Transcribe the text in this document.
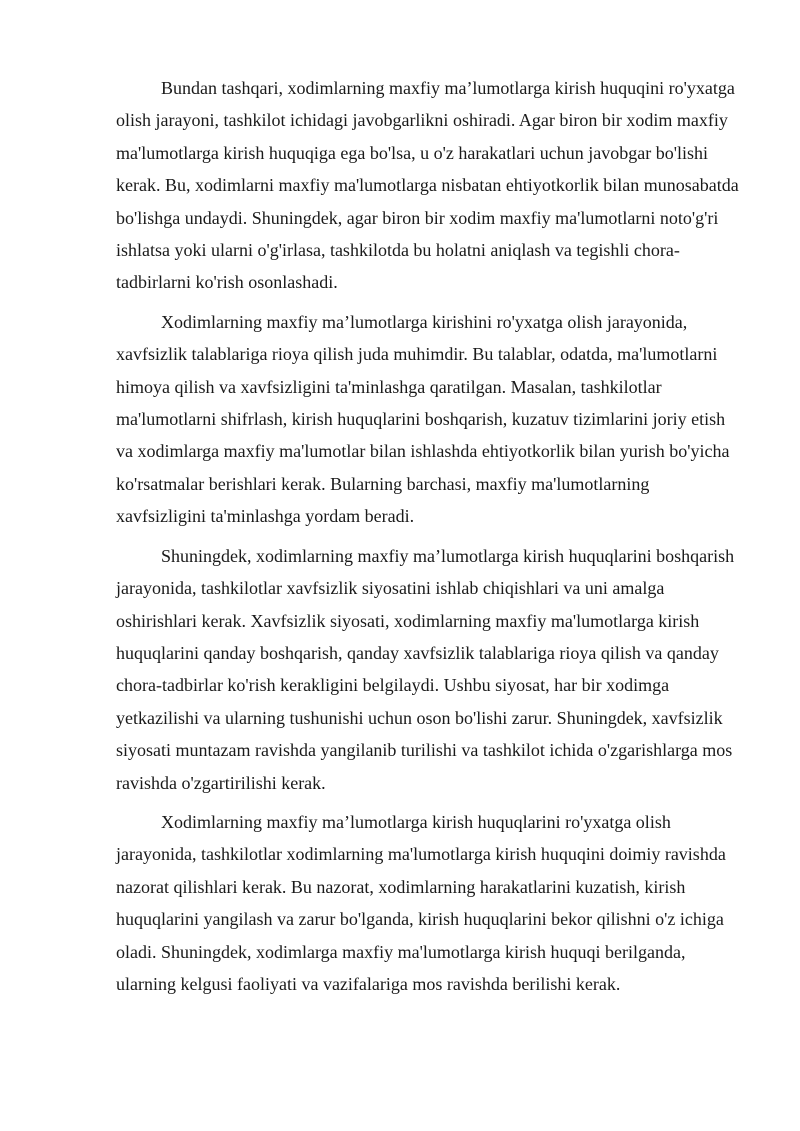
Bundan tashqari, xodimlarning maxfiy ma’lumotlarga kirish huquqini ro'yxatga olish jarayoni, tashkilot ichidagi javobgarlikni oshiradi. Agar biron bir xodim maxfiy ma'lumotlarga kirish huquqiga ega bo'lsa, u o'z harakatlari uchun javobgar bo'lishi kerak. Bu, xodimlarni maxfiy ma'lumotlarga nisbatan ehtiyotkorlik bilan munosabatda bo'lishga undaydi. Shuningdek, agar biron bir xodim maxfiy ma'lumotlarni noto'g'ri ishlatsa yoki ularni o'g'irlasa, tashkilotda bu holatni aniqlash va tegishli chora-tadbirlarni ko'rish osonlashadi.

Xodimlarning maxfiy ma’lumotlarga kirishini ro'yxatga olish jarayonida, xavfsizlik talablariga rioya qilish juda muhimdir. Bu talablar, odatda, ma'lumotlarni himoya qilish va xavfsizligini ta'minlashga qaratilgan. Masalan, tashkilotlar ma'lumotlarni shifrlash, kirish huquqlarini boshqarish, kuzatuv tizimlarini joriy etish va xodimlarga maxfiy ma'lumotlar bilan ishlashda ehtiyotkorlik bilan yurish bo'yicha ko'rsatmalar berishlari kerak. Bularning barchasi, maxfiy ma'lumotlarning xavfsizligini ta'minlashga yordam beradi.

Shuningdek, xodimlarning maxfiy ma’lumotlarga kirish huquqlarini boshqarish jarayonida, tashkilotlar xavfsizlik siyosatini ishlab chiqishlari va uni amalga oshirishlari kerak. Xavfsizlik siyosati, xodimlarning maxfiy ma'lumotlarga kirish huquqlarini qanday boshqarish, qanday xavfsizlik talablariga rioya qilish va qanday chora-tadbirlar ko'rish kerakligini belgilaydi. Ushbu siyosat, har bir xodimga yetkazilishi va ularning tushunishi uchun oson bo'lishi zarur. Shuningdek, xavfsizlik siyosati muntazam ravishda yangilanib turilishi va tashkilot ichida o'zgarishlarga mos ravishda o'zgartirilishi kerak.

Xodimlarning maxfiy ma’lumotlarga kirish huquqlarini ro'yxatga olish jarayonida, tashkilotlar xodimlarning ma'lumotlarga kirish huquqini doimiy ravishda nazorat qilishlari kerak. Bu nazorat, xodimlarning harakatlarini kuzatish, kirish huquqlarini yangilash va zarur bo'lganda, kirish huquqlarini bekor qilishni o'z ichiga oladi. Shuningdek, xodimlarga maxfiy ma'lumotlarga kirish huquqi berilganda, ularning kelgusi faoliyati va vazifalariga mos ravishda berilishi kerak.
